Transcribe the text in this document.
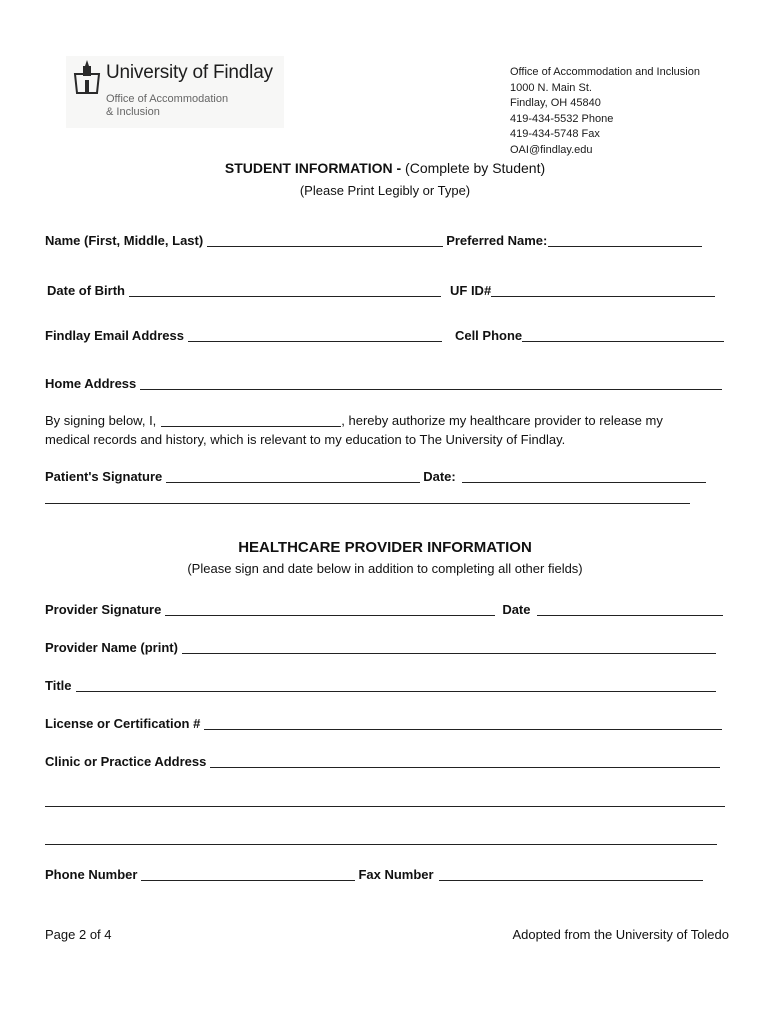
University of Findlay
Office of Accommodation
& Inclusion
Office of Accommodation and Inclusion
1000 N. Main St.
Findlay, OH 45840
419-434-5532 Phone
419-434-5748 Fax
OAI@findlay.edu
STUDENT INFORMATION - (Complete by Student)
(Please Print Legibly or Type)
Name (First, Middle, Last)	Preferred Name:
Date of Birth	UF ID#
Findlay Email Address	Cell Phone
Home Address
By signing below, I,	, hereby authorize my healthcare provider to release my
medical records and history, which is relevant to my education to The University of Findlay.
Patient's Signature	Date:
HEALTHCARE PROVIDER INFORMATION
(Please sign and date below in addition to completing all other fields)
Provider Signature	Date
Provider Name (print)
Title
License or Certification #
Clinic or Practice Address
Phone Number	Fax Number
Page 2 of 4	Adopted from the University of Toledo
